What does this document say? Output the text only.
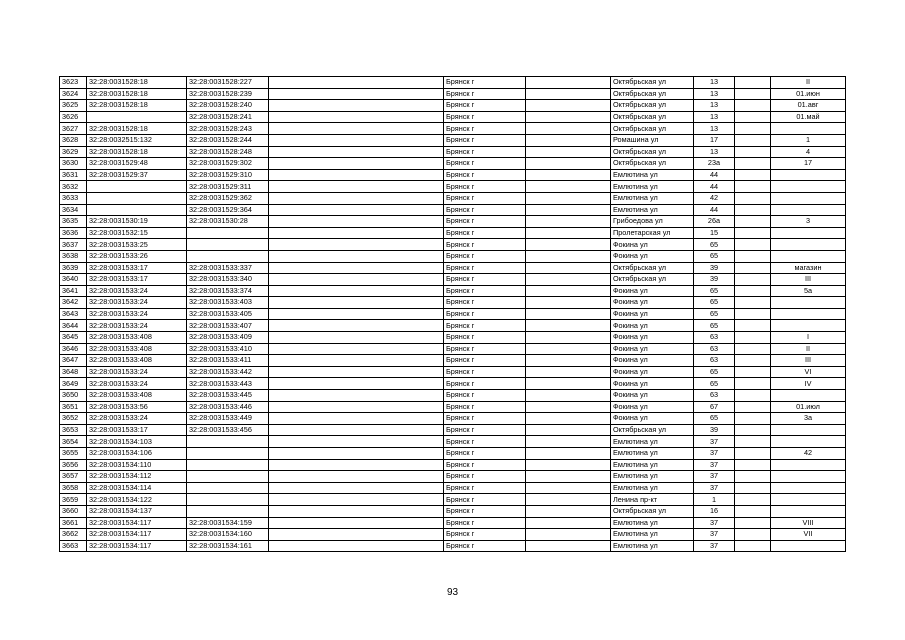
3623	32:28:0031528:18	32:28:0031528:227		Брянск г		Октябрьская ул	13		II
3624	32:28:0031528:18	32:28:0031528:239		Брянск г		Октябрьская ул	13		01.июн
3625	32:28:0031528:18	32:28:0031528:240		Брянск г		Октябрьская ул	13		01.авг
3626		32:28:0031528:241		Брянск г		Октябрьская ул	13		01.май
3627	32:28:0031528:18	32:28:0031528:243		Брянск г		Октябрьская ул	13		
3628	32:28:0032515:132	32:28:0031528:244		Брянск г		Ромашина ул	17		1
3629	32:28:0031528:18	32:28:0031528:248		Брянск г		Октябрьская ул	13		4
3630	32:28:0031529:48	32:28:0031529:302		Брянск г		Октябрьская ул	23а		17
3631	32:28:0031529:37	32:28:0031529:310		Брянск г		Емлютина ул	44		
3632		32:28:0031529:311		Брянск г		Емлютина ул	44		
3633		32:28:0031529:362		Брянск г		Емлютина ул	42		
3634		32:28:0031529:364		Брянск г		Емлютина ул	44		
3635	32:28:0031530:19	32:28:0031530:28		Брянск г		Грибоедова ул	26а		3
3636	32:28:0031532:15			Брянск г		Пролетарская ул	15		
3637	32:28:0031533:25			Брянск г		Фокина ул	65		
3638	32:28:0031533:26			Брянск г		Фокина ул	65		
3639	32:28:0031533:17	32:28:0031533:337		Брянск г		Октябрьская ул	39		магазин
3640	32:28:0031533:17	32:28:0031533:340		Брянск г		Октябрьская ул	39		III
3641	32:28:0031533:24	32:28:0031533:374		Брянск г		Фокина ул	65		5а
3642	32:28:0031533:24	32:28:0031533:403		Брянск г		Фокина ул	65		
3643	32:28:0031533:24	32:28:0031533:405		Брянск г		Фокина ул	65		
3644	32:28:0031533:24	32:28:0031533:407		Брянск г		Фокина ул	65		
3645	32:28:0031533:408	32:28:0031533:409		Брянск г		Фокина ул	63		I
3646	32:28:0031533:408	32:28:0031533:410		Брянск г		Фокина ул	63		II
3647	32:28:0031533:408	32:28:0031533:411		Брянск г		Фокина ул	63		III
3648	32:28:0031533:24	32:28:0031533:442		Брянск г		Фокина ул	65		VI
3649	32:28:0031533:24	32:28:0031533:443		Брянск г		Фокина ул	65		IV
3650	32:28:0031533:408	32:28:0031533:445		Брянск г		Фокина ул	63		
3651	32:28:0031533:56	32:28:0031533:446		Брянск г		Фокина ул	67		01.июл
3652	32:28:0031533:24	32:28:0031533:449		Брянск г		Фокина ул	65		3а
3653	32:28:0031533:17	32:28:0031533:456		Брянск г		Октябрьская ул	39		
3654	32:28:0031534:103			Брянск г		Емлютина ул	37		
3655	32:28:0031534:106			Брянск г		Емлютина ул	37		42
3656	32:28:0031534:110			Брянск г		Емлютина ул	37		
3657	32:28:0031534:112			Брянск г		Емлютина ул	37		
3658	32:28:0031534:114			Брянск г		Емлютина ул	37		
3659	32:28:0031534:122			Брянск г		Ленина пр-кт	1		
3660	32:28:0031534:137			Брянск г		Октябрьская ул	16		
3661	32:28:0031534:117	32:28:0031534:159		Брянск г		Емлютина ул	37		VIII
3662	32:28:0031534:117	32:28:0031534:160		Брянск г		Емлютина ул	37		VII
3663	32:28:0031534:117	32:28:0031534:161		Брянск г		Емлютина ул	37		
93
